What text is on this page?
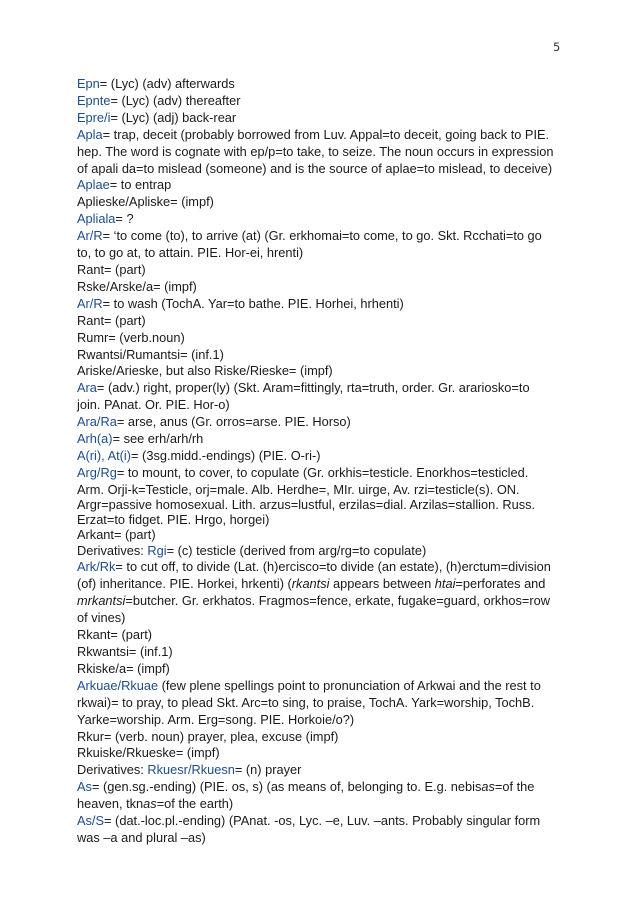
5
Epn= (Lyc) (adv) afterwards
Epnte= (Lyc) (adv) thereafter
Epre/i= (Lyc) (adj) back-rear
Apla= trap, deceit (probably borrowed from Luv. Appal=to deceit, going back to PIE.
hep. The word is cognate with ep/p=to take, to seize. The noun occurs in expression
of apali da=to mislead (someone) and is the source of aplae=to mislead, to deceive)
Aplae= to entrap
Aplieske/Apliske= (impf)
Apliala= ?
Ar/R= ‘to come (to), to arrive (at) (Gr. erkhomai=to come, to go. Skt. Rcchati=to go
to, to go at, to attain. PIE. Hor-ei, hrenti)
Rant= (part)
Rske/Arske/a= (impf)
Ar/R= to wash (TochA. Yar=to bathe. PIE. Horhei, hrhenti)
Rant= (part)
Rumr= (verb.noun)
Rwantsi/Rumantsi= (inf.1)
Ariske/Arieske, but also Riske/Rieske= (impf)
Ara= (adv.) right, proper(ly) (Skt. Aram=fittingly, rta=truth, order. Gr. arariosko=to
join. PAnat. Or. PIE. Hor-o)
Ara/Ra= arse, anus (Gr. orros=arse. PIE. Horso)
Arh(a)= see erh/arh/rh
A(ri), At(i)= (3sg.midd.-endings) (PIE. O-ri-)
Arg/Rg= to mount, to cover, to copulate (Gr. orkhis=testicle. Enorkhos=testicled.
Arm. Orji-k=Testicle, orj=male. Alb. Herdhe=, MIr. uirge, Av. rzi=testicle(s). ON.
Argr=passive homosexual. Lith. arzus=lustful, erzilas=dial. Arzilas=stallion. Russ.
Erzat=to fidget. PIE. Hrgo, horgei)
Arkant= (part)
Derivatives: Rgi= (c) testicle (derived from arg/rg=to copulate)
Ark/Rk= to cut off, to divide (Lat. (h)ercisco=to divide (an estate), (h)erctum=division
(of) inheritance. PIE. Horkei, hrkenti) (rkantsi appears between htai=perforates and
mrkantsi=butcher. Gr. erkhatos. Fragmos=fence, erkate, fugake=guard, orkhos=row
of vines)
Rkant= (part)
Rkwantsi= (inf.1)
Rkiske/a= (impf)
Arkuae/Rkuae (few plene spellings point to pronunciation of Arkwai and the rest to
rkwai)= to pray, to plead Skt. Arc=to sing, to praise, TochA. Yark=worship, TochB.
Yarke=worship. Arm. Erg=song. PIE. Horkoie/o?)
Rkur= (verb. noun) prayer, plea, excuse (impf)
Rkuiske/Rkueske= (impf)
Derivatives: Rkuesr/Rkuesn= (n) prayer
As= (gen.sg.-ending) (PIE. os, s) (as means of, belonging to. E.g. nebisas=of the
heaven, tknas=of the earth)
As/S= (dat.-loc.pl.-ending) (PAnat. -os, Lyc. –e, Luv. –ants. Probably singular form
was –a and plural –as)
